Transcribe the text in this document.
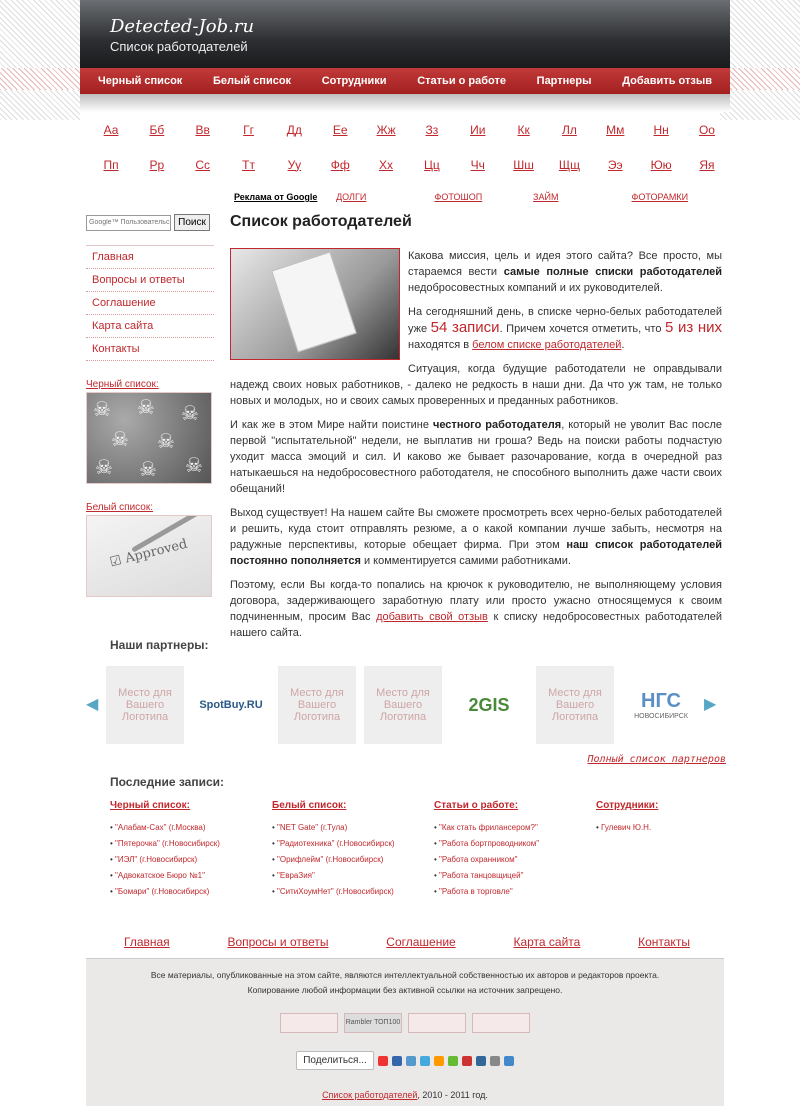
Detected-Job.ru
Список работодателей
Черный список	Белый список	Сотрудники	Статьи о работе	Партнеры	Добавить отзыв
Аа	Бб	Вв	Гг	Дд	Ее	Жж	Зз	Ии	Кк	Лл	Мм	Нн	Оо
Пп	Рр	Сс	Тт	Уу	Фф	Хх	Цц	Чч	Шш	Щщ	Ээ	Юю	Яя
Реклама от Google	ДОЛГИ	ФОТОШОП	ЗАЙМ	ФОТОРАМКИ
Google™ Пользовательск
Поиск
Главная
Вопросы и ответы
Соглашение
Карта сайта
Контакты
Черный список:
☠ ☠ ☠
☠ ☠
☠ ☠ ☠
Белый список:
☑ Approved
Список работодателей

Какова миссия, цель и идея этого сайта? Все просто, мы стараемся вести самые полные списки работодателей недобросовестных компаний и их руководителей.

На сегодняшний день, в списке черно-белых работодателей уже 54 записи. Причем хочется отметить, что 5 из них находятся в белом списке работодателей.

Ситуация, когда будущие работодатели не оправдывали надежд своих новых работников, - далеко не редкость в наши дни. Да что уж там, не только новых и молодых, но и своих самых проверенных и преданных работников.

И как же в этом Мире найти поистине честного работодателя, который не уволит Вас после первой "испытательной" недели, не выплатив ни гроша? Ведь на поиски работы подчастую уходит масса эмоций и сил. И каково же бывает разочарование, когда в очередной раз натыкаешься на недобросовестного работодателя, не способного выполнить даже части своих обещаний!

Выход существует! На нашем сайте Вы сможете просмотреть всех черно-белых работодателей и решить, куда стоит отправлять резюме, а о какой компании лучше забыть, несмотря на радужные перспективы, которые обещает фирма. При этом наш список работодателей постоянно пополняется и комментируется самими работниками.

Поэтому, если Вы когда-то попались на крючок к руководителю, не выполняющему условия договора, задерживающего заработную плату или просто ужасно относящемуся к своим подчиненным, просим Вас добавить свой отзыв к списку недобросовестных работодателей нашего сайта.

Наши партнеры:
◀
Место для Вашего Логотипа
SpotBuy.RU
Место для Вашего Логотипа
Место для Вашего Логотипа
2GIS
Место для Вашего Логотипа
НГС
НОВОСИБИРСК
▶
Полный список партнеров
Последние записи:
Черный список:
• "Алабам-Сах" (г.Москва)
• "Пятерочка" (г.Новосибирск)
• "ИЭЛ" (г.Новосибирск)
• "Адвокатское Бюро №1"
• "Бомари" (г.Новосибирск)
Белый список:
• "NET Gate" (г.Тула)
• "Радиотехника" (г.Новосибирск)
• "Орифлейм" (г.Новосибирск)
• "ЕвраЗия"
• "СитиХоумНет" (г.Новосибирск)
Статьи о работе:
• "Как стать фрилансером?"
• "Работа бортпроводником"
• "Работа охранником"
• "Работа танцовщицей"
• "Работа в торговле"
Сотрудники:
• Гулевич Ю.Н.
Главная	Вопросы и ответы	Соглашение	Карта сайта	Контакты
Все материалы, опубликованные на этом сайте, являются интеллектуальной собственностью их авторов и редакторов проекта.
Копирование любой информации без активной ссылки на источник запрещено.
Rambler ТОП100
Поделиться...
Список работодателей, 2010 - 2011 год.
